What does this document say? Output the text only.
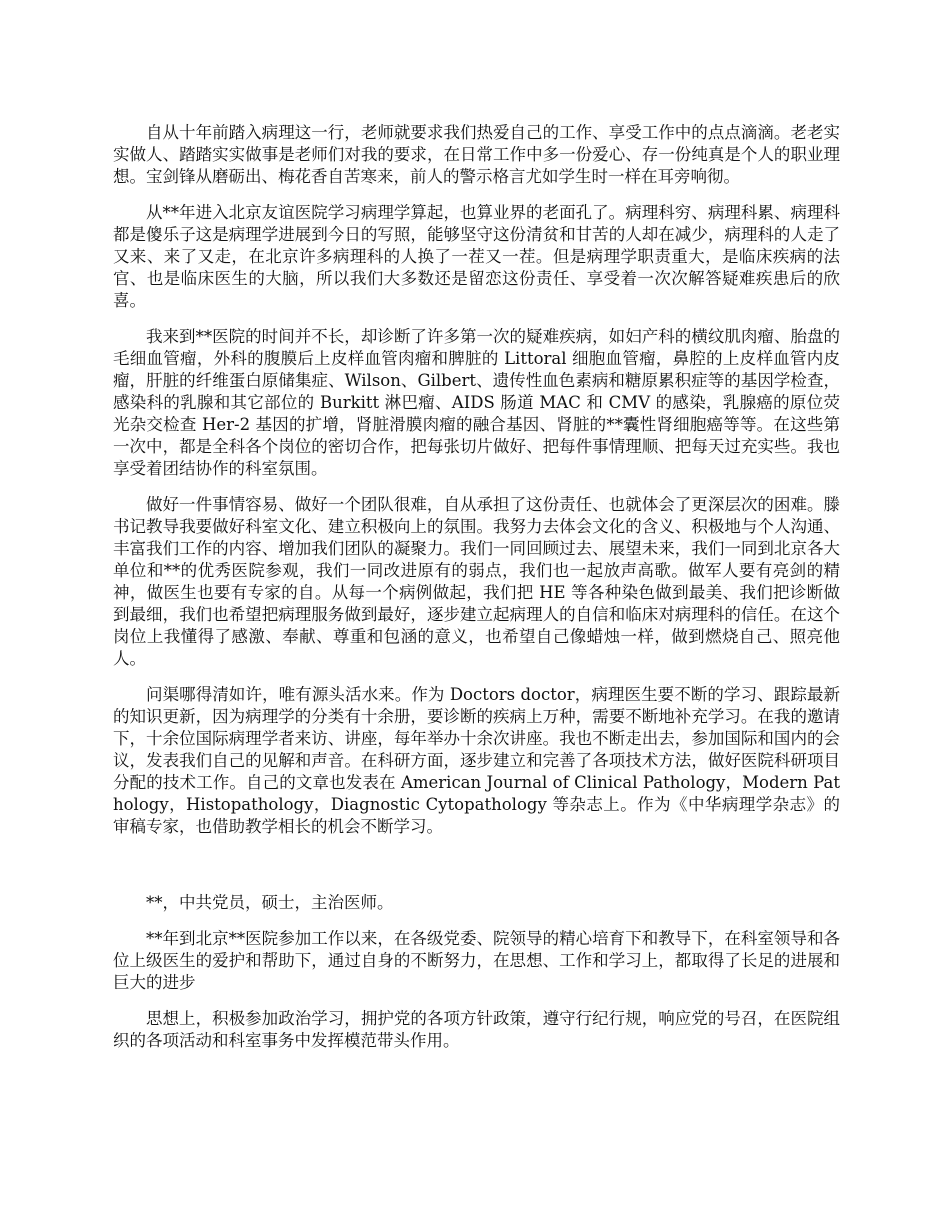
自从十年前踏入病理这一行，老师就要求我们热爱自己的工作、享受工作中的点点滴滴。老老实实做人、踏踏实实做事是老师们对我的要求，在日常工作中多一份爱心、存一份纯真是个人的职业理想。宝剑锋从磨砺出、梅花香自苦寒来，前人的警示格言尤如学生时一样在耳旁响彻。

从**年进入北京友谊医院学习病理学算起，也算业界的老面孔了。病理科穷、病理科累、病理科都是傻乐子这是病理学进展到今日的写照，能够坚守这份清贫和甘苦的人却在减少，病理科的人走了又来、来了又走，在北京许多病理科的人换了一茬又一茬。但是病理学职责重大，是临床疾病的法官、也是临床医生的大脑，所以我们大多数还是留恋这份责任、享受着一次次解答疑难疾患后的欣喜。

我来到**医院的时间并不长，却诊断了许多第一次的疑难疾病，如妇产科的横纹肌肉瘤、胎盘的毛细血管瘤，外科的腹膜后上皮样血管肉瘤和脾脏的 Littoral 细胞血管瘤，鼻腔的上皮样血管内皮瘤，肝脏的纤维蛋白原储集症、Wilson、Gilbert、遗传性血色素病和糖原累积症等的基因学检查，感染科的乳腺和其它部位的 Burkitt 淋巴瘤、AIDS 肠道 MAC 和 CMV 的感染，乳腺癌的原位荧光杂交检查 Her-2 基因的扩增，肾脏滑膜肉瘤的融合基因、肾脏的**囊性肾细胞癌等等。在这些第一次中，都是全科各个岗位的密切合作，把每张切片做好、把每件事情理顺、把每天过充实些。我也享受着团结协作的科室氛围。

做好一件事情容易、做好一个团队很难，自从承担了这份责任、也就体会了更深层次的困难。滕书记教导我要做好科室文化、建立积极向上的氛围。我努力去体会文化的含义、积极地与个人沟通、丰富我们工作的内容、增加我们团队的凝聚力。我们一同回顾过去、展望未来，我们一同到北京各大单位和**的优秀医院参观，我们一同改进原有的弱点，我们也一起放声高歌。做军人要有亮剑的精神，做医生也要有专家的自。从每一个病例做起，我们把 HE 等各种染色做到最美、我们把诊断做到最细，我们也希望把病理服务做到最好，逐步建立起病理人的自信和临床对病理科的信任。在这个岗位上我懂得了感激、奉献、尊重和包涵的意义，也希望自己像蜡烛一样，做到燃烧自己、照亮他人。

问渠哪得清如许，唯有源头活水来。作为 Doctors doctor，病理医生要不断的学习、跟踪最新的知识更新，因为病理学的分类有十余册，要诊断的疾病上万种，需要不断地补充学习。在我的邀请下，十余位国际病理学者来访、讲座，每年举办十余次讲座。我也不断走出去，参加国际和国内的会议，发表我们自己的见解和声音。在科研方面，逐步建立和完善了各项技术方法，做好医院科研项目分配的技术工作。自己的文章也发表在 American Journal of Clinical Pathology，Modern Pathology，Histopathology，Diagnostic Cytopathology 等杂志上。作为《中华病理学杂志》的审稿专家，也借助教学相长的机会不断学习。

**，中共党员，硕士，主治医师。

**年到北京**医院参加工作以来，在各级党委、院领导的精心培育下和教导下，在科室领导和各位上级医生的爱护和帮助下，通过自身的不断努力，在思想、工作和学习上，都取得了长足的进展和巨大的进步

思想上，积极参加政治学习，拥护党的各项方针政策，遵守行纪行规，响应党的号召，在医院组织的各项活动和科室事务中发挥模范带头作用。
